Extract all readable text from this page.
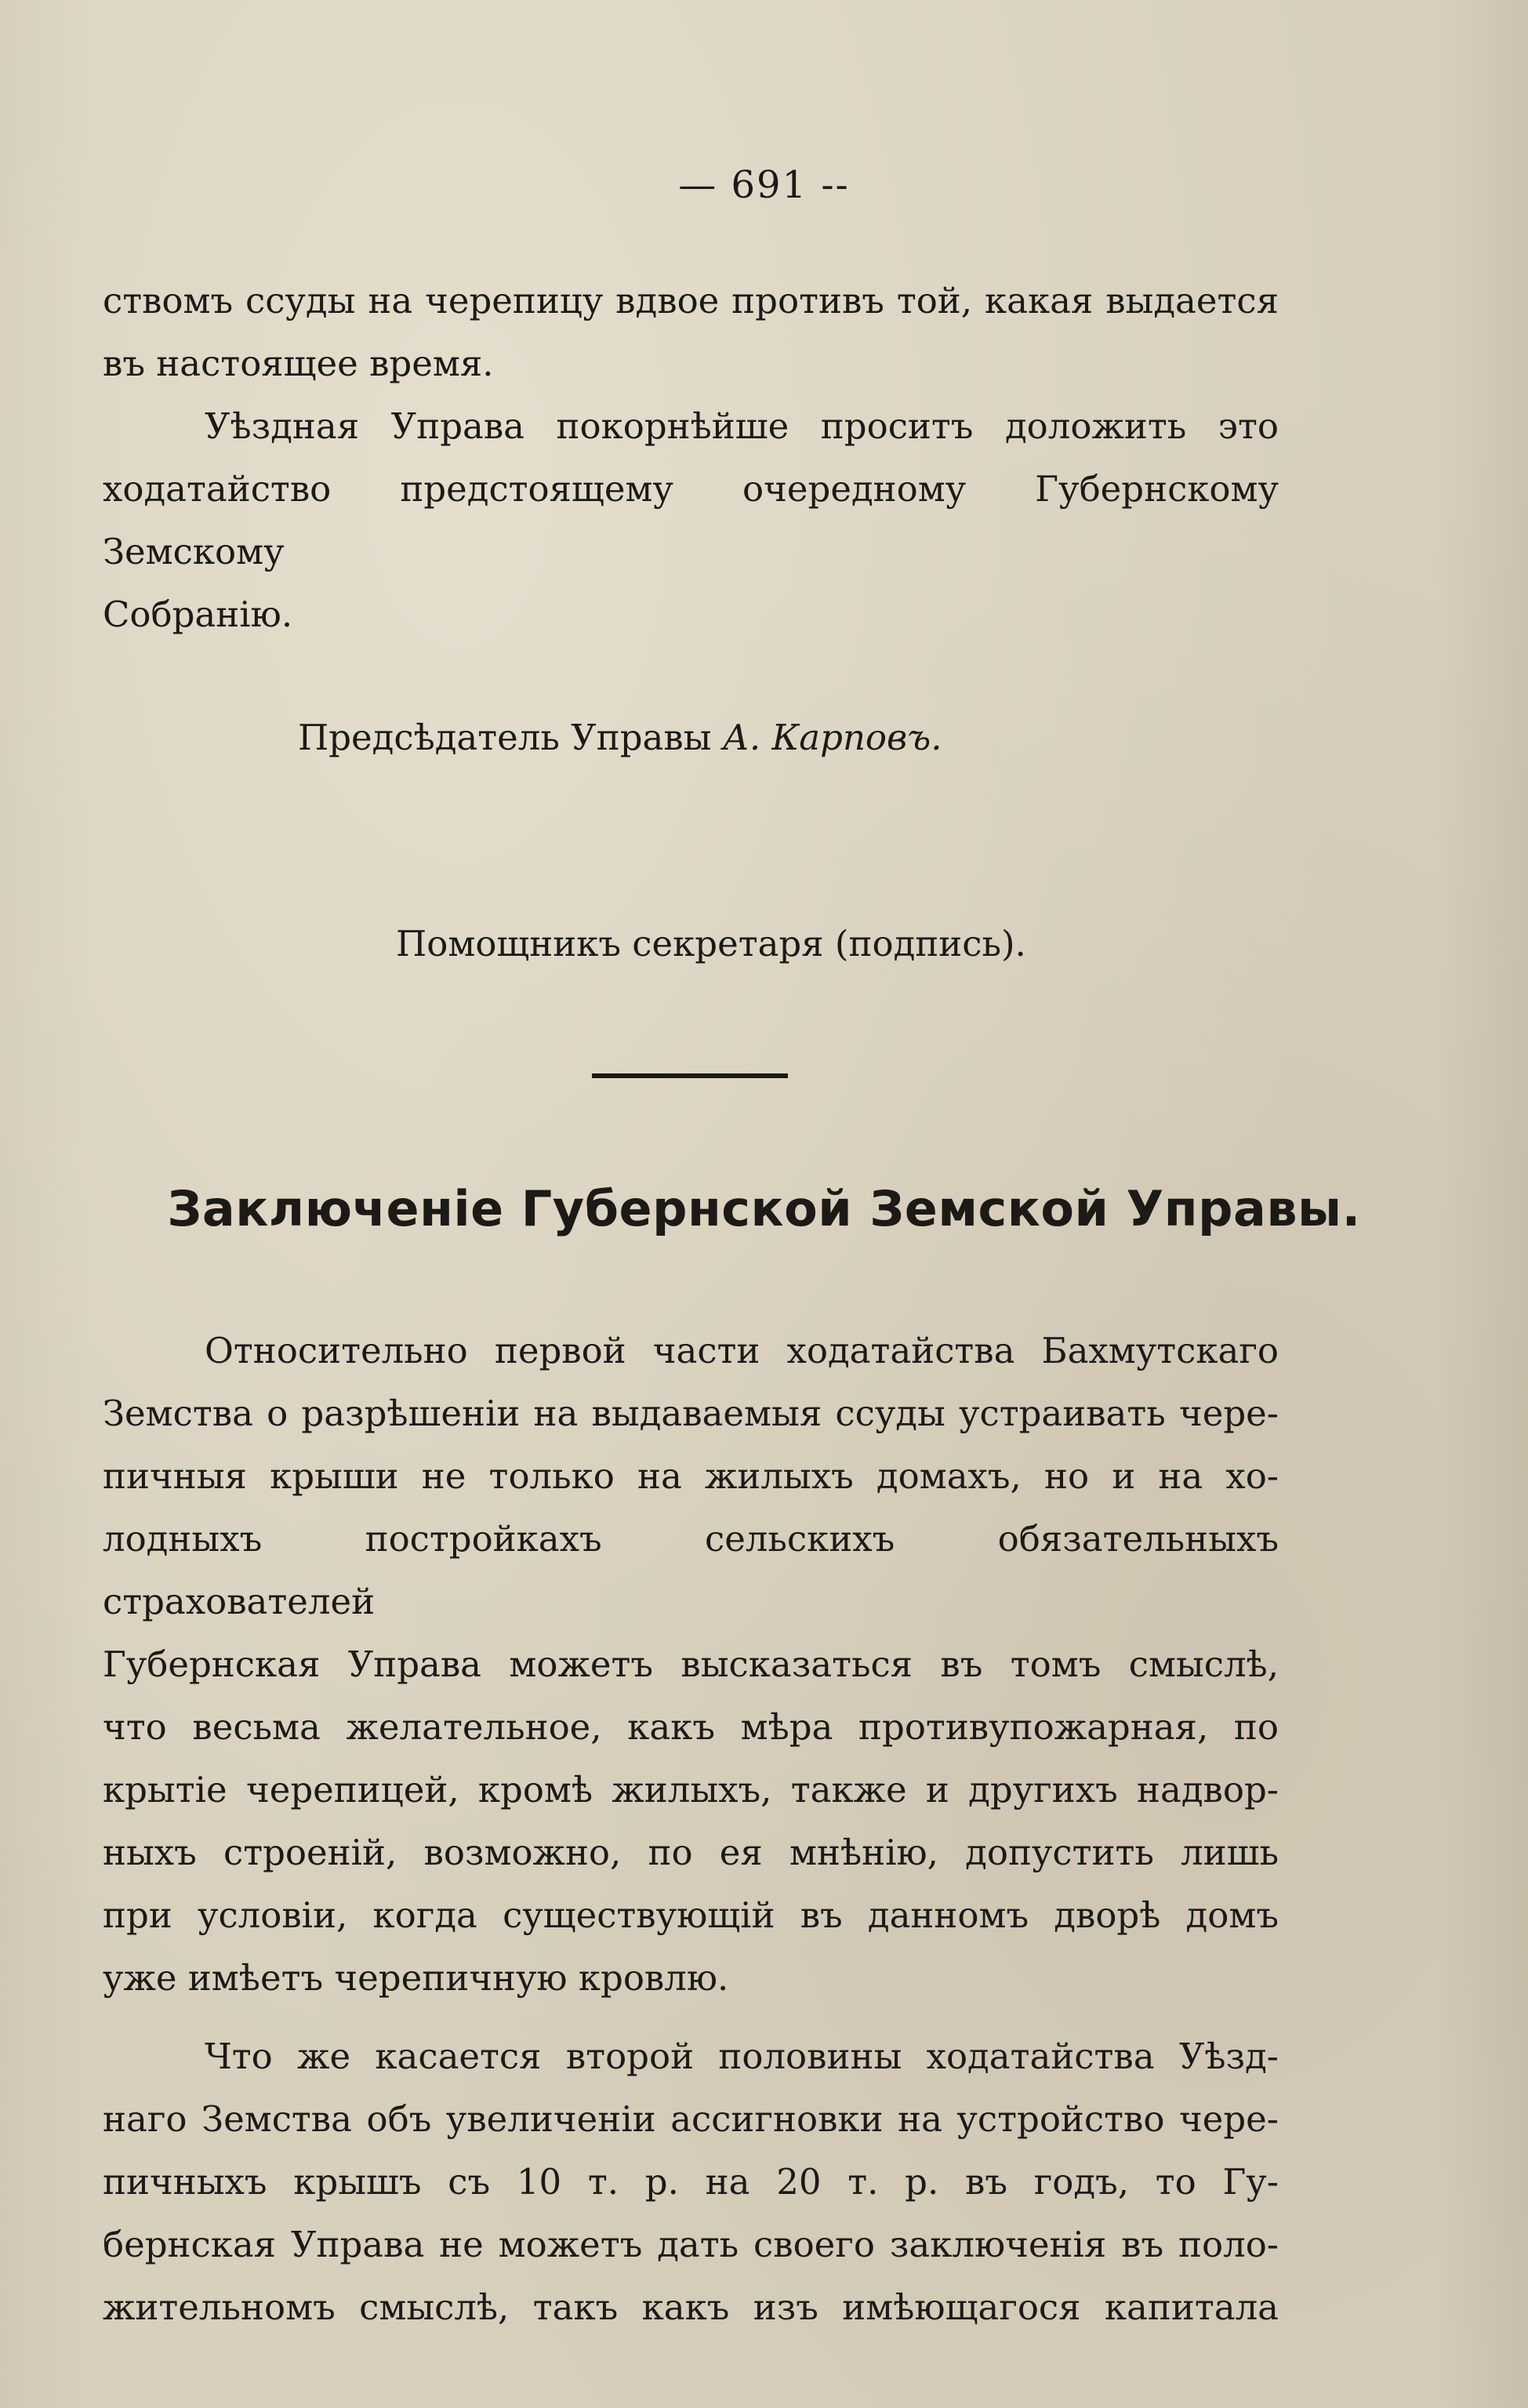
— 691 --
ствомъ ссуды на черепицу вдвое противъ той, какая выдается
въ настоящее время.
Уѣздная Управа покорнѣйше проситъ доложить это
ходатайство предстоящему очередному Губернскому Земскому
Собранію.
Предсѣдатель Управы А. Карповъ.
Помощникъ секретаря (подпись).
Заключеніе Губернской Земской Управы.
Относительно первой части ходатайства Бахмутскаго
Земства о разрѣшеніи на выдаваемыя ссуды устраивать чере-
пичныя крыши не только на жилыхъ домахъ, но и на хо-
лодныхъ постройкахъ сельскихъ обязательныхъ страхователей
Губернская Управа можетъ высказаться въ томъ смыслѣ,
что весьма желательное, какъ мѣра противупожарная, по
крытіе черепицей, кромѣ жилыхъ, также и другихъ надвор-
ныхъ строеній, возможно, по ея мнѣнію, допустить лишь
при условіи, когда существующій въ данномъ дворѣ домъ
уже имѣетъ черепичную кровлю.
Что же касается второй половины ходатайства Уѣзд-
наго Земства объ увеличеніи ассигновки на устройство чере-
пичныхъ крышъ съ 10 т. р. на 20 т. р. въ годъ, то Гу-
бернская Управа не можетъ дать своего заключенія въ поло-
жительномъ смыслѣ, такъ какъ изъ имѣющагося капитала
